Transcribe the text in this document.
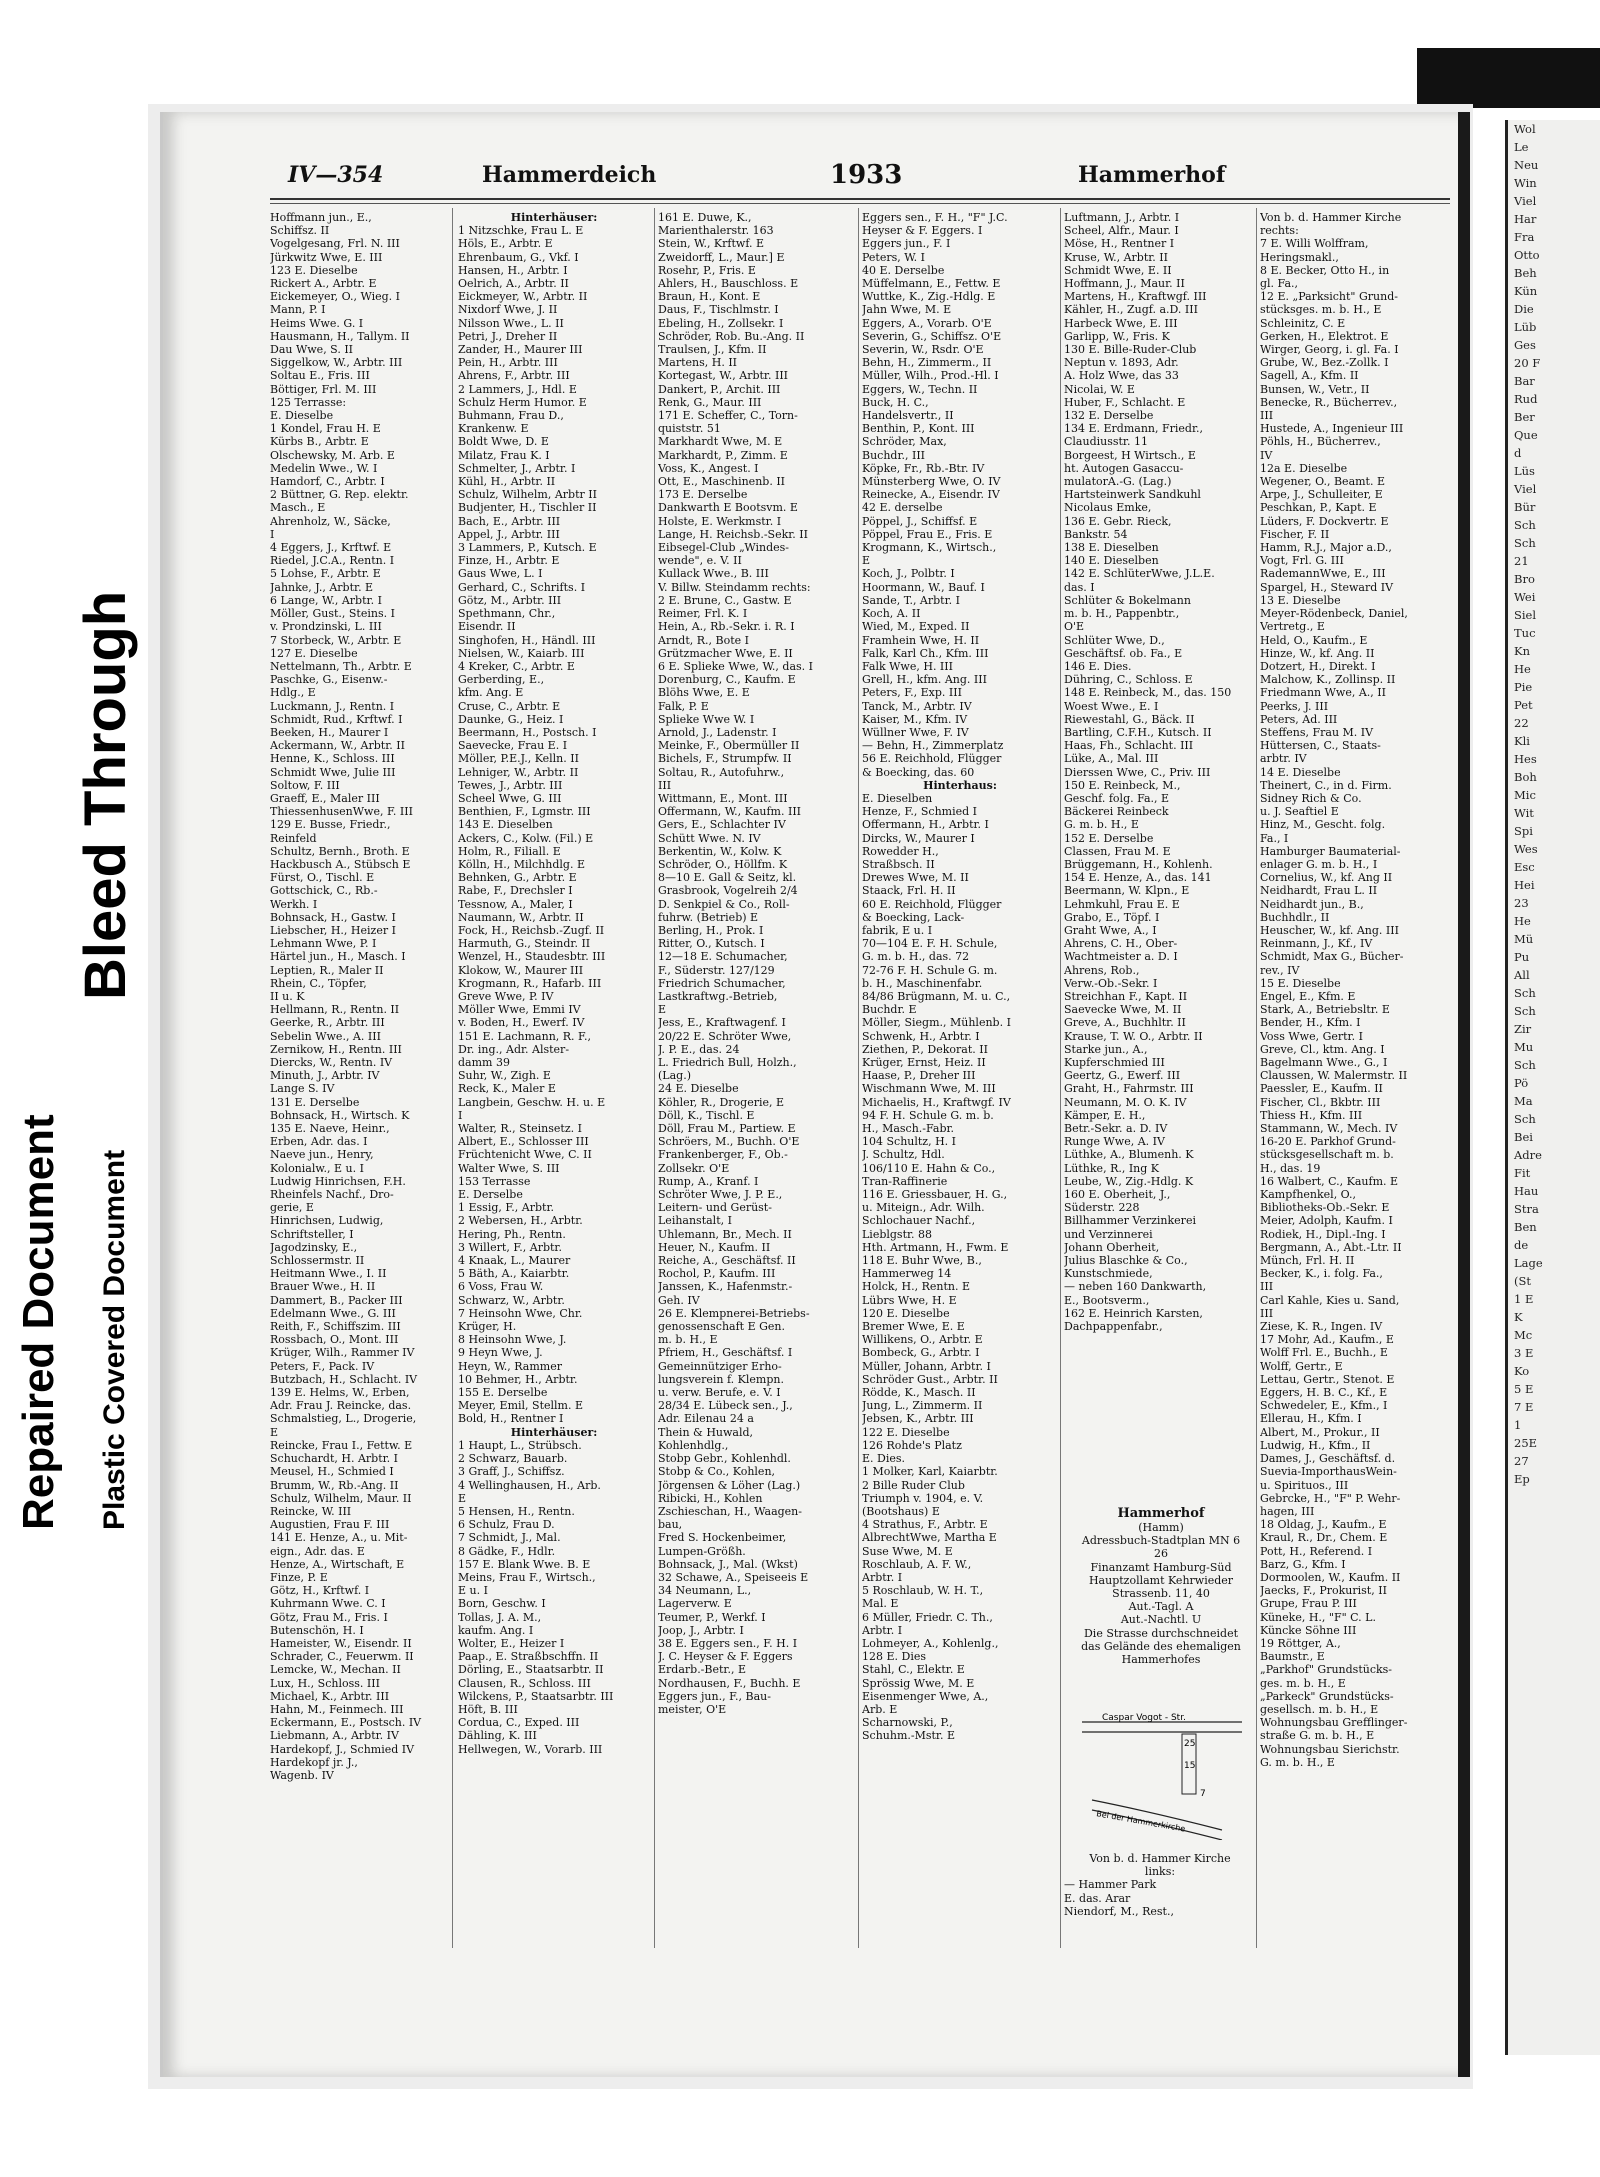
Bleed Through
Repaired Document Plastic Covered Document
Wol
Le
Neu
Win
Viel
Har
Fra
Otto
Beh
Kün
Die
Lüb
Ges
20 F
Bar
Rud
Ber
Que
d
Lüs
Viel
Bür
Sch
Sch
21
Bro
Wei
Siel
Tuc
Kn
He
Pie
Pet
22
Kli
Hes
Boh
Mic
Wit
Spi
Wes
Esc
Hei
23
He
Mü
Pu
All
Sch
Sch
Zir
Mu
Sch
Pö
Ma
Sch
Bei
Adre
Fit
Hau
Stra
Ben
de
Lage
(St
1 E
K
Mc
3 E
Ko
5 E
7 E
1
25E
27
Ep
IV—354	Hammerdeich	1933	Hammerhof
Hoffmann jun., E.,
Schiffsz. II
Vogelgesang, Frl. N. III
Jürkwitz Wwe, E. III
123 E. Dieselbe
Rickert A., Arbtr. E
Eickemeyer, O., Wieg. I
Mann, P. I
Heims Wwe. G. I
Hausmann, H., Tallym. II
Dau Wwe, S. II
Siggelkow, W., Arbtr. III
Soltau E., Fris. III
Böttiger, Frl. M. III
125 Terrasse:
E. Dieselbe
1 Kondel, Frau H. E
Kürbs B., Arbtr. E
Olschewsky, M. Arb. E
Medelin Wwe., W. I
Hamdorf, C., Arbtr. I
2 Büttner, G. Rep. elektr.
Masch., E
Ahrenholz, W., Säcke,
I
4 Eggers, J., Krftwf. E
Riedel, J.C.A., Rentn. I
5 Lohse, F., Arbtr. E
Jahnke, J., Arbtr. E
6 Lange, W., Arbtr. I
Möller, Gust., Steins. I
v. Prondzinski, L. III
7 Storbeck, W., Arbtr. E
127 E. Dieselbe
Nettelmann, Th., Arbtr. E
Paschke, G., Eisenw.-
Hdlg., E
Luckmann, J., Rentn. I
Schmidt, Rud., Krftwf. I
Beeken, H., Maurer I
Ackermann, W., Arbtr. II
Henne, K., Schloss. III
Schmidt Wwe, Julie III
Soltow, F. III
Graeff, E., Maler III
ThiessenhusenWwe, F. III
129 E. Busse, Friedr.,
Reinfeld
Schultz, Bernh., Broth. E
Hackbusch A., Stübsch E
Fürst, O., Tischl. E
Gottschick, C., Rb.-
Werkh. I
Bohnsack, H., Gastw. I
Liebscher, H., Heizer I
Lehmann Wwe, P. I
Härtel jun., H., Masch. I
Leptien, R., Maler II
Rhein, C., Töpfer,
II u. K
Hellmann, R., Rentn. II
Geerke, R., Arbtr. III
Sebelin Wwe., A. III
Zernikow, H., Rentn. III
Diercks, W., Rentn. IV
Minuth, J., Arbtr. IV
Lange S. IV
131 E. Derselbe
Bohnsack, H., Wirtsch. K
135 E. Naeve, Heinr.,
Erben, Adr. das. I
Naeve jun., Henry,
Kolonialw., E u. I
Ludwig Hinrichsen, F.H.
Rheinfels Nachf., Dro-
gerie, E
Hinrichsen, Ludwig,
Schriftsteller, I
Jagodzinsky, E.,
Schlossermstr. II
Heitmann Wwe., I. II
Brauer Wwe., H. II
Dammert, B., Packer III
Edelmann Wwe., G. III
Reith, F., Schiffszim. III
Rossbach, O., Mont. III
Krüger, Wilh., Rammer IV
Peters, F., Pack. IV
Butzbach, H., Schlacht. IV
139 E. Helms, W., Erben,
Adr. Frau J. Reincke, das.
Schmalstieg, L., Drogerie,
E
Reincke, Frau I., Fettw. E
Schuchardt, H. Arbtr. I
Meusel, H., Schmied I
Brumm, W., Rb.-Ang. II
Schulz, Wilhelm, Maur. II
Reincke, W. III
Augustien, Frau F. III
141 E. Henze, A., u. Mit-
eign., Adr. das. E
Henze, A., Wirtschaft, E
Finze, P. E
Götz, H., Krftwf. I
Kuhrmann Wwe. C. I
Götz, Frau M., Fris. I
Butenschön, H. I
Hameister, W., Eisendr. II
Schrader, C., Feuerwm. II
Lemcke, W., Mechan. II
Lux, H., Schloss. III
Michael, K., Arbtr. III
Hahn, M., Feinmech. III
Eckermann, E., Postsch. IV
Liebmann, A., Arbtr. IV
Hardekopf, J., Schmied IV
Hardekopf jr. J.,
Wagenb. IV
Hinterhäuser:
1 Nitzschke, Frau L. E
Höls, E., Arbtr. E
Ehrenbaum, G., Vkf. I
Hansen, H., Arbtr. I
Oelrich, A., Arbtr. II
Eickmeyer, W., Arbtr. II
Nixdorf Wwe, J. II
Nilsson Wwe., L. II
Petri, J., Dreher II
Zander, H., Maurer III
Pein, H., Arbtr. III
Ahrens, F., Arbtr. III
2 Lammers, J., Hdl. E
Schulz Herm Humor. E
Buhmann, Frau D.,
Krankenw. E
Boldt Wwe, D. E
Milatz, Frau K. I
Schmelter, J., Arbtr. I
Kühl, H., Arbtr. II
Schulz, Wilhelm, Arbtr II
Budjenter, H., Tischler II
Bach, E., Arbtr. III
Appel, J., Arbtr. III
3 Lammers, P., Kutsch. E
Finze, H., Arbtr. E
Gaus Wwe, L. I
Gerhard, C., Schrifts. I
Götz, M., Arbtr. III
Spethmann, Chr.,
Eisendr. II
Singhofen, H., Händl. III
Nielsen, W., Kaiarb. III
4 Kreker, C., Arbtr. E
Gerberding, E.,
kfm. Ang. E
Cruse, C., Arbtr. E
Daunke, G., Heiz. I
Beermann, H., Postsch. I
Saevecke, Frau E. I
Möller, P.E.J., Kelln. II
Lehniger, W., Arbtr. II
Tewes, J., Arbtr. III
Scheel Wwe, G. III
Benthien, F., Lgmstr. III
143 E. Dieselben
Ackers, C., Kolw. (Fil.) E
Holm, R., Filiall. E
Kölln, H., Milchhdlg. E
Behnken, G., Arbtr. E
Rabe, F., Drechsler I
Tessnow, A., Maler, I
Naumann, W., Arbtr. II
Fock, H., Reichsb.-Zugf. II
Harmuth, G., Steindr. II
Wenzel, H., Staudesbtr. III
Klokow, W., Maurer III
Krogmann, R., Hafarb. III
Greve Wwe, P. IV
Möller Wwe, Emmi IV
v. Boden, H., Ewerf. IV
151 E. Lachmann, R. F.,
Dr. ing., Adr. Alster-
damm 39
Suhr, W., Zigh. E
Reck, K., Maler E
Langbein, Geschw. H. u. E
I
Walter, R., Steinsetz. I
Albert, E., Schlosser III
Früchtenicht Wwe, C. II
Walter Wwe, S. III
153 Terrasse
E. Derselbe
1 Essig, F., Arbtr.
2 Webersen, H., Arbtr.
Hering, Ph., Rentn.
3 Willert, F., Arbtr.
4 Knaak, L., Maurer
5 Bäth, A., Kaiarbtr.
6 Voss, Frau W.
Schwarz, W., Arbtr.
7 Heinsohn Wwe, Chr.
Krüger, H.
8 Heinsohn Wwe, J.
9 Heyn Wwe, J.
Heyn, W., Rammer
10 Behmer, H., Arbtr.
155 E. Derselbe
Meyer, Emil, Stellm. E
Bold, H., Rentner I
Hinterhäuser:
1 Haupt, L., Strübsch.
2 Schwarz, Bauarb.
3 Graff, J., Schiffsz.
4 Wellinghausen, H., Arb.
E
5 Hensen, H., Rentn.
6 Schulz, Frau D.
7 Schmidt, J., Mal.
8 Gädke, F., Hdlr.
157 E. Blank Wwe. B. E
Meins, Frau F., Wirtsch.,
E u. I
Born, Geschw. I
Tollas, J. A. M.,
kaufm. Ang. I
Wolter, E., Heizer I
Paap., E. Straßbschffn. II
Dörling, E., Staatsarbtr. II
Clausen, R., Schloss. III
Wilckens, P., Staatsarbtr. III
Höft, B. III
Cordua, C., Exped. III
Dähling, K. III
Hellwegen, W., Vorarb. III
161 E. Duwe, K.,
Marienthalerstr. 163
Stein, W., Krftwf. E
Zweidorff, L., Maur.] E
Rosehr, P., Fris. E
Ahlers, H., Bauschloss. E
Braun, H., Kont. E
Daus, F., Tischlmstr. I
Ebeling, H., Zollsekr. I
Schröder, Rob. Bu.-Ang. II
Traulsen, J., Kfm. II
Martens, H. II
Kortegast, W., Arbtr. III
Dankert, P., Archit. III
Renk, G., Maur. III
171 E. Scheffer, C., Torn-
quiststr. 51
Markhardt Wwe, M. E
Markhardt, P., Zimm. E
Voss, K., Angest. I
Ott, E., Maschinenb. II
173 E. Derselbe
Dankwarth E Bootsvm. E
Holste, E. Werkmstr. I
Lange, H. Reichsb.-Sekr. II
Eibsegel-Club „Windes-
wende", e. V. II
Kullack Wwe., B. III
V. Billw. Steindamm rechts:
2 E. Brune, C., Gastw. E
Reimer, Frl. K. I
Hein, A., Rb.-Sekr. i. R. I
Arndt, R., Bote I
Grützmacher Wwe, E. II
6 E. Splieke Wwe, W., das. I
Dorenburg, C., Kaufm. E
Blöhs Wwe, E. E
Falk, P. E
Splieke Wwe W. I
Arnold, J., Ladenstr. I
Meinke, F., Obermüller II
Bichels, F., Strumpfw. II
Soltau, R., Autofuhrw.,
III
Wittmann, E., Mont. III
Offermann, W., Kaufm. III
Gers, E., Schlachter IV
Schütt Wwe. N. IV
Berkentin, W., Kolw. K
Schröder, O., Höllfm. K
8—10 E. Gall & Seitz, kl.
Grasbrook, Vogelreih 2/4
D. Senkpiel & Co., Roll-
fuhrw. (Betrieb) E
Berling, H., Prok. I
Ritter, O., Kutsch. I
12—18 E. Schumacher,
F., Süderstr. 127/129
Friedrich Schumacher,
Lastkraftwg.-Betrieb,
E
Jess, E., Kraftwagenf. I
20/22 E. Schröter Wwe,
J. P. E., das. 24
L. Friedrich Bull, Holzh.,
(Lag.)
24 E. Dieselbe
Köhler, R., Drogerie, E
Döll, K., Tischl. E
Döll, Frau M., Partiew. E
Schröers, M., Buchh. O'E
Frankenberger, F., Ob.-
Zollsekr. O'E
Rump, A., Kranf. I
Schröter Wwe, J. P. E.,
Leitern- und Gerüst-
Leihanstalt, I
Uhlemann, Br., Mech. II
Heuer, N., Kaufm. II
Reiche, A., Geschäftsf. II
Rochol, P., Kaufm. III
Janssen, K., Hafenmstr.-
Geh. IV
26 E. Klempnerei-Betriebs-
genossenschaft E Gen.
m. b. H., E
Pfriem, H., Geschäftsf. I
Gemeinnütziger Erho-
lungsverein f. Klempn.
u. verw. Berufe, e. V. I
28/34 E. Lübeck sen., J.,
Adr. Eilenau 24 a
Thein & Huwald,
Kohlenhdlg.,
Stobp Gebr., Kohlenhdl.
Stobp & Co., Kohlen,
Jörgensen & Löher (Lag.)
Ribicki, H., Kohlen
Zschieschan, H., Waagen-
bau,
Fred S. Hockenbeimer,
Lumpen-Größh.
Bohnsack, J., Mal. (Wkst)
32 Schawe, A., Speiseeis E
34 Neumann, L.,
Lagerverw. E
Teumer, P., Werkf. I
Joop, J., Arbtr. I
38 E. Eggers sen., F. H. I
J. C. Heyser & F. Eggers
Erdarb.-Betr., E
Nordhausen, F., Buchh. E
Eggers jun., F., Bau-
meister, O'E
Eggers sen., F. H., "F" J.C.
Heyser & F. Eggers. I
Eggers jun., F. I
Peters, W. I
40 E. Derselbe
Müffelmann, E., Fettw. E
Wuttke, K., Zig.-Hdlg. E
Jahn Wwe, M. E
Eggers, A., Vorarb. O'E
Severin, G., Schiffsz. O'E
Severin, W., Rsdr. O'E
Behn, H., Zimmerm., II
Müller, Wilh., Prod.-Hl. I
Eggers, W., Techn. II
Buck, H. C.,
Handelsvertr., II
Benthin, P., Kont. III
Schröder, Max,
Buchdr., III
Köpke, Fr., Rb.-Btr. IV
Münsterberg Wwe, O. IV
Reinecke, A., Eisendr. IV
42 E. derselbe
Pöppel, J., Schiffsf. E
Pöppel, Frau E., Fris. E
Krogmann, K., Wirtsch.,
E
Koch, J., Polbtr. I
Hoormann, W., Bauf. I
Sande, T., Arbtr. I
Koch, A. II
Wied, M., Exped. II
Framhein Wwe, H. II
Falk, Karl Ch., Kfm. III
Falk Wwe, H. III
Grell, H., kfm. Ang. III
Peters, F., Exp. III
Tanck, M., Arbtr. IV
Kaiser, M., Kfm. IV
Wüllner Wwe, F. IV
— Behn, H., Zimmerplatz
56 E. Reichhold, Flügger
& Boecking, das. 60
Hinterhaus:
E. Dieselben
Henze, F., Schmied I
Offermann, H., Arbtr. I
Dircks, W., Maurer I
Rowedder H.,
Straßbsch. II
Drewes Wwe, M. II
Staack, Frl. H. II
60 E. Reichhold, Flügger
& Boecking, Lack-
fabrik, E u. I
70—104 E. F. H. Schule,
G. m. b. H., das. 72
72-76 F. H. Schule G. m.
b. H., Maschinenfabr.
84/86 Brügmann, M. u. C.,
Buchdr. E
Möller, Siegm., Mühlenb. I
Schwenk, H., Arbtr. I
Ziethen, P., Dekorat. II
Krüger, Ernst, Heiz. II
Haase, P., Dreher III
Wischmann Wwe, M. III
Michaelis, H., Kraftwgf. IV
94 F. H. Schule G. m. b.
H., Masch.-Fabr.
104 Schultz, H. I
J. Schultz, Hdl.
106/110 E. Hahn & Co.,
Tran-Raffinerie
116 E. Griessbauer, H. G.,
u. Miteign., Adr. Wilh.
Schlochauer Nachf.,
Lieblgstr. 88
Hth. Artmann, H., Fwm. E
118 E. Buhr Wwe, B.,
Hammerweg 14
Holck, H., Rentn. E
Lübrs Wwe, H. E
120 E. Dieselbe
Bremer Wwe, E. E
Willikens, O., Arbtr. E
Bombeck, G., Arbtr. I
Müller, Johann, Arbtr. I
Schröder Gust., Arbtr. II
Rödde, K., Masch. II
Jung, L., Zimmerm. II
Jebsen, K., Arbtr. III
122 E. Dieselbe
126 Rohde's Platz
E. Dies.
1 Molker, Karl, Kaiarbtr.
2 Bille Ruder Club
Triumph v. 1904, e. V.
(Bootshaus) E
4 Strathus, F., Arbtr. E
AlbrechtWwe, Martha E
Suse Wwe, M. E
Roschlaub, A. F. W.,
Arbtr. I
5 Roschlaub, W. H. T.,
Mal. E
6 Müller, Friedr. C. Th.,
Arbtr. I
Lohmeyer, A., Kohlenlg.,
128 E. Dies
Stahl, C., Elektr. E
Sprössig Wwe, M. E
Eisenmenger Wwe, A.,
Arb. E
Scharnowski, P.,
Schuhm.-Mstr. E
Luftmann, J., Arbtr. I
Scheel, Alfr., Maur. I
Möse, H., Rentner I
Kruse, W., Arbtr. II
Schmidt Wwe, E. II
Hoffmann, J., Maur. II
Martens, H., Kraftwgf. III
Kähler, H., Zugf. a.D. III
Harbeck Wwe, E. III
Garlipp, W., Fris. K
130 E. Bille-Ruder-Club
Neptun v. 1893, Adr.
A. Holz Wwe, das 33
Nicolai, W. E
Huber, F., Schlacht. E
132 E. Derselbe
134 E. Erdmann, Friedr.,
Claudiusstr. 11
Borgeest, H Wirtsch., E
ht. Autogen Gasaccu-
mulatorA.-G. (Lag.)
Hartsteinwerk Sandkuhl
Nicolaus Emke,
136 E. Gebr. Rieck,
Bankstr. 54
138 E. Dieselben
140 E. Dieselben
142 E. SchlüterWwe, J.L.E.
das. I
Schlüter & Bokelmann
m. b. H., Pappenbtr.,
O'E
Schlüter Wwe, D.,
Geschäftsf. ob. Fa., E
146 E. Dies.
Dühring, C., Schloss. E
148 E. Reinbeck, M., das. 150
Woest Wwe., E. I
Riewestahl, G., Bäck. II
Bartling, C.F.H., Kutsch. II
Haas, Fh., Schlacht. III
Lüke, A., Mal. III
Dierssen Wwe, C., Priv. III
150 E. Reinbeck, M.,
Geschf. folg. Fa., E
Bäckerei Reinbeck
G. m. b. H., E
152 E. Derselbe
Classen, Frau M. E
Brüggemann, H., Kohlenh.
154 E. Henze, A., das. 141
Beermann, W. Klpn., E
Lehmkuhl, Frau E. E
Grabo, E., Töpf. I
Graht Wwe, A., I
Ahrens, C. H., Ober-
Wachtmeister a. D. I
Ahrens, Rob.,
Verw.-Ob.-Sekr. I
Streichhan F., Kapt. II
Saevecke Wwe, M. II
Greve, A., Buchhltr. II
Krause, T. W. O., Arbtr. II
Starke jun., A.,
Kupferschmied III
Geertz, G., Ewerf. III
Graht, H., Fahrmstr. III
Neumann, M. O. K. IV
Kämper, E. H.,
Betr.-Sekr. a. D. IV
Runge Wwe, A. IV
Lüthke, A., Blumenh. K
Lüthke, R., Ing K
Leube, W., Zig.-Hdlg. K
160 E. Oberheit, J.,
Süderstr. 228
Billhammer Verzinkerei
und Verzinnerei
Johann Oberheit,
Julius Blaschke & Co.,
Kunstschmiede,
— neben 160 Dankwarth,
E., Bootsverm.,
162 E. Heinrich Karsten,
Dachpappenfabr.,
Von b. d. Hammer Kirche
rechts:
7 E. Willi Wolffram,
Heringsmakl.,
8 E. Becker, Otto H., in
gl. Fa.,
12 E. „Parksicht" Grund-
stücksges. m. b. H., E
Schleinitz, C. E
Gerken, H., Elektrot. E
Wirger, Georg, i. gl. Fa. I
Grube, W., Bez.-Zollk. I
Sagell, A., Kfm. II
Bunsen, W., Vetr., II
Benecke, R., Bücherrev.,
III
Hustede, A., Ingenieur III
Pöhls, H., Bücherrev.,
IV
12a E. Dieselbe
Wegener, O., Beamt. E
Arpe, J., Schulleiter, E
Peschkan, P., Kapt. E
Lüders, F. Dockvertr. E
Fischer, F. II
Hamm, R.J., Major a.D.,
Vogt, Frl. G. III
RademannWwe, E., III
Spargel, H., Steward IV
13 E. Dieselbe
Meyer-Rödenbeck, Daniel,
Vertretg., E
Held, O., Kaufm., E
Hinze, W., kf. Ang. II
Dotzert, H., Direkt. I
Malchow, K., Zollinsp. II
Friedmann Wwe, A., II
Peerks, J. III
Peters, Ad. III
Steffens, Frau M. IV
Hüttersen, C., Staats-
arbtr. IV
14 E. Dieselbe
Theinert, C., in d. Firm.
Sidney Rich & Co.
u. J. Seaftiel E
Hinz, M., Gescht. folg.
Fa., I
Hamburger Baumaterial-
enlager G. m. b. H., I
Cornelius, W., kf. Ang II
Neidhardt, Frau L. II
Neidhardt jun., B.,
Buchhdlr., II
Heuscher, W., kf. Ang. III
Reinmann, J., Kf., IV
Schmidt, Max G., Bücher-
rev., IV
15 E. Dieselbe
Engel, E., Kfm. E
Stark, A., Betriebsltr. E
Bender, H., Kfm. I
Voss Wwe, Gertr. I
Greve, Cl., ktm. Ang. I
Bagelmann Wwe., G., I
Claussen, W. Malermstr. II
Paessler, E., Kaufm. II
Fischer, Cl., Bkbtr. III
Thiess H., Kfm. III
Stammann, W., Mech. IV
16-20 E. Parkhof Grund-
stücksgesellschaft m. b.
H., das. 19
16 Walbert, C., Kaufm. E
Kampfhenkel, O.,
Bibliotheks-Ob.-Sekr. E
Meier, Adolph, Kaufm. I
Rodiek, H., Dipl.-Ing. I
Bergmann, A., Abt.-Ltr. II
Münch, Frl. H. II
Becker, K., i. folg. Fa.,
III
Carl Kahle, Kies u. Sand,
III
Ziese, K. R., Ingen. IV
17 Mohr, Ad., Kaufm., E
Wolff Frl. E., Buchh., E
Wolff, Gertr., E
Lettau, Gertr., Stenot. E
Eggers, H. B. C., Kf., E
Schwedeler, E., Kfm., I
Ellerau, H., Kfm. I
Albert, M., Prokur., II
Ludwig, H., Kfm., II
Dames, J., Geschäftsf. d.
Suevia-ImporthausWein-
u. Spirituos., III
Gebrcke, H., "F" P. Wehr-
hagen, III
18 Oldag, J., Kaufm., E
Kraul, R., Dr., Chem. E
Pott, H., Referend. I
Barz, G., Kfm. I
Dormoolen, W., Kaufm. II
Jaecks, F., Prokurist, II
Grupe, Frau P. III
Küneke, H., "F" C. L.
Küncke Söhne III
19 Röttger, A.,
Baumstr., E
„Parkhof" Grundstücks-
ges. m. b. H., E
„Parkeck" Grundstücks-
gesellsch. m. b. H., E
Wohnungsbau Grefflinger-
straße G. m. b. H., E
Wohnungsbau Sierichstr.
G. m. b. H., E
Hammerhof
(Hamm)
Adressbuch-Stadtplan MN 6
26
Finanzamt Hamburg-Süd
Hauptzollamt Kehrwieder
Strassenb. 11, 40
Aut.-Tagl. A
Aut.-Nachtl. U
Die Strasse durchschneidet
das Gelände des ehemaligen
Hammerhofes
Caspar Vogot - Str.
25
15
7
Bei der Hammerkirche
Von b. d. Hammer Kirche
links:
— Hammer Park
E. das. Arar
Niendorf, M., Rest.,
